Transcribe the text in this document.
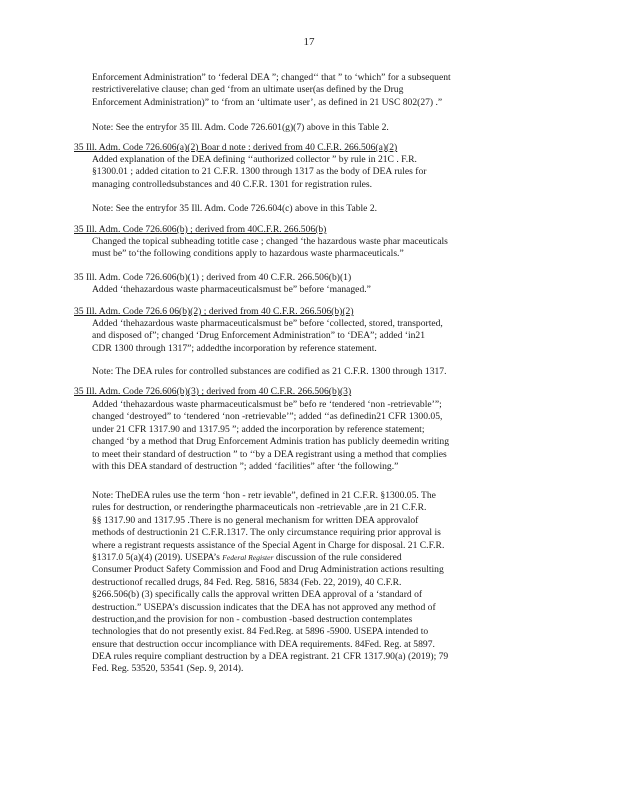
17
Enforcement Administration” to ‘federal DEA ”; changed‘‘ that ” to ‘which” for a subsequent
restrictiverelative clause; chan ged ‘from an ultimate user(as defined by the Drug
Enforcement Administration)” to ‘from an ‘ultimate user’, as defined in 21 USC 802(27) .”
Note: See the entryfor 35 Ill. Adm. Code 726.601(g)(7) above in this Table 2.
35 Ill. Adm. Code 726.606(a)(2) Boar d note : derived from 40 C.F.R. 266.506(a)(2)
Added explanation of the DEA defining ‘‘authorized collector ” by rule in 21C . F.R.
§1300.01 ; added citation to 21 C.F.R. 1300 through 1317 as the body of DEA rules for
managing controlledsubstances and 40 C.F.R. 1301 for registration rules.
Note: See the entryfor 35 Ill. Adm. Code 726.604(c) above in this Table 2.
35 Ill. Adm. Code 726.606(b) ; derived from 40C.F.R. 266.506(b)
Changed the topical subheading totitle case ; changed ‘the hazardous waste phar maceuticals
must be” to‘the following conditions apply to hazardous waste pharmaceuticals.”
35 Ill. Adm. Code 726.606(b)(1) ; derived from 40 C.F.R. 266.506(b)(1)
Added ‘thehazardous waste pharmaceuticalsmust be” before ‘managed.”
35 Ill. Adm. Code 726.6 06(b)(2) ; derived from 40 C.F.R. 266.506(b)(2)
Added ‘thehazardous waste pharmaceuticalsmust be” before ‘collected, stored, transported,
and disposed of”; changed ‘Drug Enforcement Administration” to ‘DEA”; added ‘in21
CDR 1300 through 1317”; addedthe incorporation by reference statement.
Note: The DEA rules for controlled substances are codified as 21 C.F.R. 1300 through 1317.
35 Ill. Adm. Code 726.606(b)(3) ; derived from 40 C.F.R. 266.506(b)(3)
Added ‘thehazardous waste pharmaceuticalsmust be” befo re ‘tendered ‘non -retrievable’”;
changed ‘destroyed” to ‘tendered ‘non -retrievable’”; added ‘‘as definedin21 CFR 1300.05,
under 21 CFR 1317.90 and 1317.95 ”; added the incorporation by reference statement;
changed ‘by a method that Drug Enforcement Adminis tration has publicly deemedin writing
to meet their standard of destruction ” to ‘‘by a DEA registrant using a method that complies
with this DEA standard of destruction ”; added ‘facilities” after ‘the following.”
Note: TheDEA rules use the term ‘hon - retr ievable”, defined in 21 C.F.R. §1300.05. The
rules for destruction, or renderingthe pharmaceuticals non -retrievable ,are in 21 C.F.R.
§§ 1317.90 and 1317.95 .There is no general mechanism for written DEA approvalof
methods of destructionin 21 C.F.R.1317. The only circumstance requiring prior approval is
where a registrant requests assistance of the Special Agent in Charge for disposal. 21 C.F.R.
§1317.0 5(a)(4) (2019). USEPA’s Federal Register discussion of the rule considered
Consumer Product Safety Commission and Food and Drug Administration actions resulting
destructionof recalled drugs, 84 Fed. Reg. 5816, 5834 (Feb. 22, 2019), 40 C.F.R.
§266.506(b) (3) specifically calls the approval written DEA approval of a ‘standard of
destruction.” USEPA’s discussion indicates that the DEA has not approved any method of
destruction,and the provision for non - combustion -based destruction contemplates
technologies that do not presently exist. 84 Fed.Reg. at 5896 -5900. USEPA intended to
ensure that destruction occur incompliance with DEA requirements. 84Fed. Reg. at 5897.
DEA rules require compliant destruction by a DEA registrant. 21 CFR 1317.90(a) (2019); 79
Fed. Reg. 53520, 53541 (Sep. 9, 2014).
